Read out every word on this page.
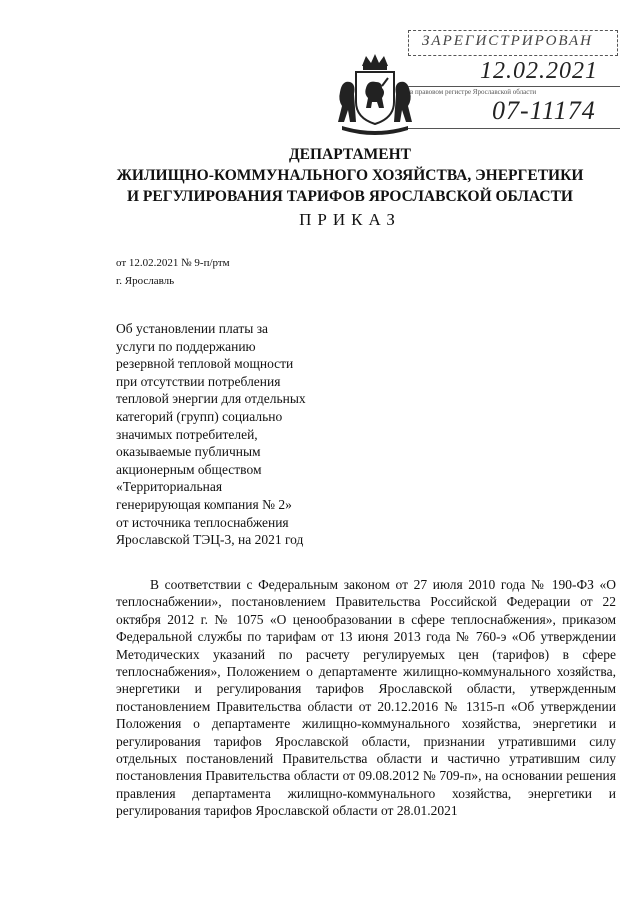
ЗАРЕГИСТРИРОВАН
12.02.2021
в правовом регистре Ярославской области
07-11174
ДЕПАРТАМЕНТ
ЖИЛИЩНО-КОММУНАЛЬНОГО ХОЗЯЙСТВА, ЭНЕРГЕТИКИ
И РЕГУЛИРОВАНИЯ ТАРИФОВ ЯРОСЛАВСКОЙ ОБЛАСТИ
ПРИКАЗ
от 12.02.2021 № 9-п/ртм
г. Ярославль
Об установлении платы за
услуги по поддержанию
резервной тепловой мощности
при отсутствии потребления
тепловой энергии для отдельных
категорий (групп) социально
значимых потребителей,
оказываемые публичным
акционерным обществом
«Территориальная
генерирующая компания № 2»
от источника теплоснабжения
Ярославской ТЭЦ-3, на 2021 год
В соответствии с Федеральным законом от 27 июля 2010 года № 190-ФЗ «О теплоснабжении», постановлением Правительства Российской Федерации от 22 октября 2012 г. № 1075 «О ценообразовании в сфере теплоснабжения», приказом Федеральной службы по тарифам от 13 июня 2013 года № 760-э «Об утверждении Методических указаний по расчету регулируемых цен (тарифов) в сфере теплоснабжения», Положением о департаменте жилищно-коммунального хозяйства, энергетики и регулирования тарифов Ярославской области, утвержденным постановлением Правительства области от 20.12.2016 № 1315-п «Об утверждении Положения о департаменте жилищно-коммунального хозяйства, энергетики и регулирования тарифов Ярославской области, признании утратившими силу отдельных постановлений Правительства области и частично утратившим силу постановления Правительства области от 09.08.2012 № 709-п», на основании решения правления департамента жилищно-коммунального хозяйства, энергетики и регулирования тарифов Ярославской области от 28.01.2021
